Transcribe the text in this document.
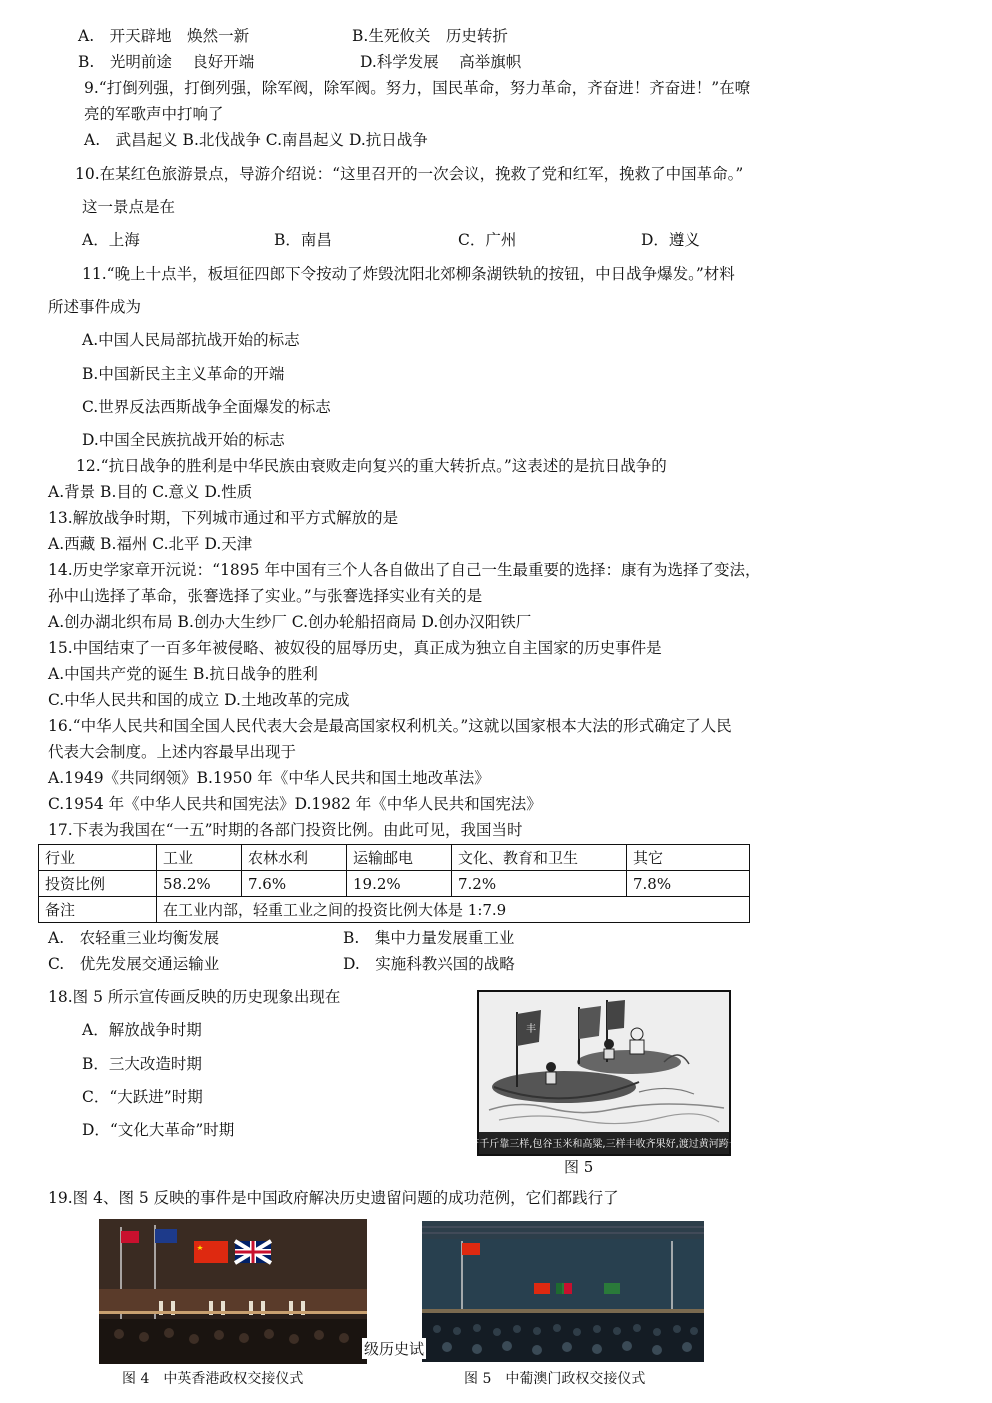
A.　开天辟地　焕然一新	B.生死攸关　历史转折
B.　光明前途　 良好开端	D.科学发展　 高举旗帜
9.“打倒列强，打倒列强，除军阀，除军阀。努力，国民革命，努力革命，齐奋进！齐奋进！”在嘹
亮的军歌声中打响了
A.　武昌起义 B.北伐战争 C.南昌起义 D.抗日战争
10.在某红色旅游景点，导游介绍说：“这里召开的一次会议，挽救了党和红军，挽救了中国革命。”
这一景点是在
A．上海	B．南昌	C．广州	D．遵义
11.“晚上十点半，板垣征四郎下令按动了炸毁沈阳北郊柳条湖铁轨的按钮，中日战争爆发。”材料
所述事件成为
A.中国人民局部抗战开始的标志
B.中国新民主主义革命的开端
C.世界反法西斯战争全面爆发的标志
D.中国全民族抗战开始的标志
12.“抗日战争的胜利是中华民族由衰败走向复兴的重大转折点。”这表述的是抗日战争的
A.背景 B.目的 C.意义 D.性质
13.解放战争时期，下列城市通过和平方式解放的是
A.西藏 B.福州 C.北平 D.天津
14.历史学家章开沅说：“1895 年中国有三个人各自做出了自己一生最重要的选择：康有为选择了变法，
孙中山选择了革命，张謇选择了实业。”与张謇选择实业有关的是
A.创办湖北织布局 B.创办大生纱厂 C.创办轮船招商局 D.创办汉阳铁厂
15.中国结束了一百多年被侵略、被奴役的屈辱历史，真正成为独立自主国家的历史事件是
A.中国共产党的诞生 B.抗日战争的胜利
C.中华人民共和国的成立 D.土地改革的完成
16.“中华人民共和国全国人民代表大会是最高国家权利机关。”这就以国家根本大法的形式确定了人民
代表大会制度。上述内容最早出现于
A.1949《共同纲领》B.1950 年《中华人民共和国土地改革法》
C.1954 年《中华人民共和国宪法》D.1982 年《中华人民共和国宪法》
17.下表为我国在“一五”时期的各部门投资比例。由此可见，我国当时
行业	工业	农林水利	运输邮电	文化、教育和卫生	其它
投资比例	58.2%	7.6%	19.2%	7.2%	7.8%
备注	在工业内部，轻重工业之间的投资比例大体是 1:7.9				
A.　农轻重三业均衡发展	B.　集中力量发展重工业
C.　优先发展交通运输业	D.　实施科教兴国的战略
18.图 5 所示宣传画反映的历史现象出现在
A．解放战争时期
B．三大改造时期
C．“大跃进”时期
D．“文化大革命”时期
亩产千斤靠三样,包谷玉米和高粱,三样丰收齐果好,渡过黄河跨长江
丰
图 5
19.图 4、图 5 反映的事件是中国政府解决历史遗留问题的成功范例，它们都践行了
级历史试
图 4　中英香港政权交接仪式	图 5　中葡澳门政权交接仪式
